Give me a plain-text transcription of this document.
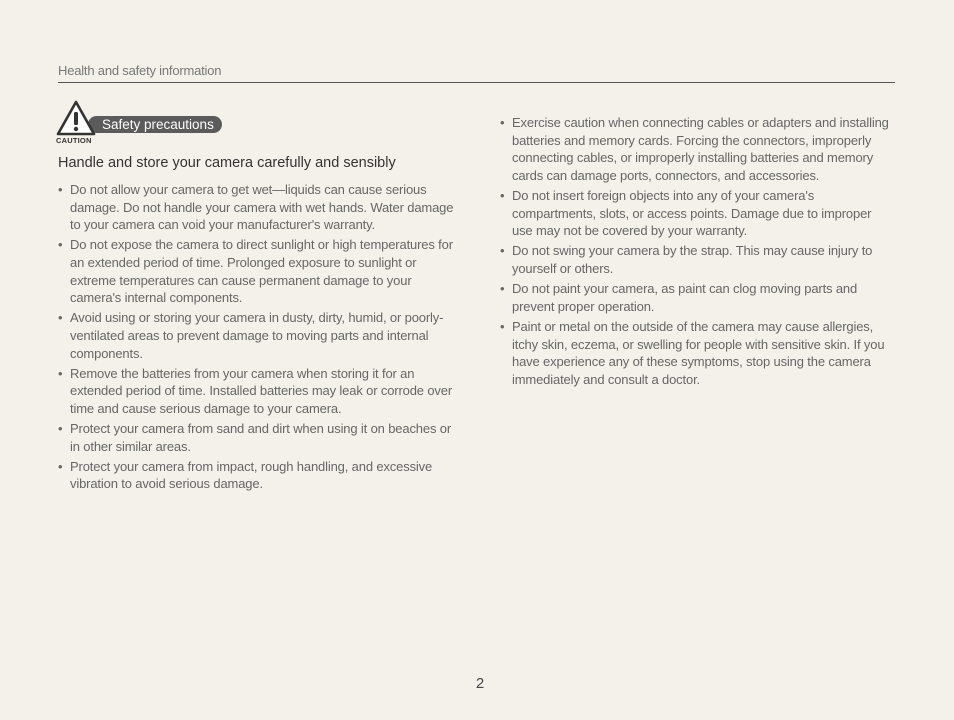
Health and safety information
Safety precautions
CAUTION
Handle and store your camera carefully and sensibly
• Do not allow your camera to get wet—liquids can cause serious damage. Do not handle your camera with wet hands. Water damage to your camera can void your manufacturer's warranty.
• Do not expose the camera to direct sunlight or high temperatures for an extended period of time. Prolonged exposure to sunlight or extreme temperatures can cause permanent damage to your camera's internal components.
• Avoid using or storing your camera in dusty, dirty, humid, or poorly-ventilated areas to prevent damage to moving parts and internal components.
• Remove the batteries from your camera when storing it for an extended period of time. Installed batteries may leak or corrode over time and cause serious damage to your camera.
• Protect your camera from sand and dirt when using it on beaches or in other similar areas.
• Protect your camera from impact, rough handling, and excessive vibration to avoid serious damage.
• Exercise caution when connecting cables or adapters and installing batteries and memory cards. Forcing the connectors, improperly connecting cables, or improperly installing batteries and memory cards can damage ports, connectors, and accessories.
• Do not insert foreign objects into any of your camera's compartments, slots, or access points. Damage due to improper use may not be covered by your warranty.
• Do not swing your camera by the strap. This may cause injury to yourself or others.
• Do not paint your camera, as paint can clog moving parts and prevent proper operation.
• Paint or metal on the outside of the camera may cause allergies, itchy skin, eczema, or swelling for people with sensitive skin. If you have experience any of these symptoms, stop using the camera immediately and consult a doctor.
2
